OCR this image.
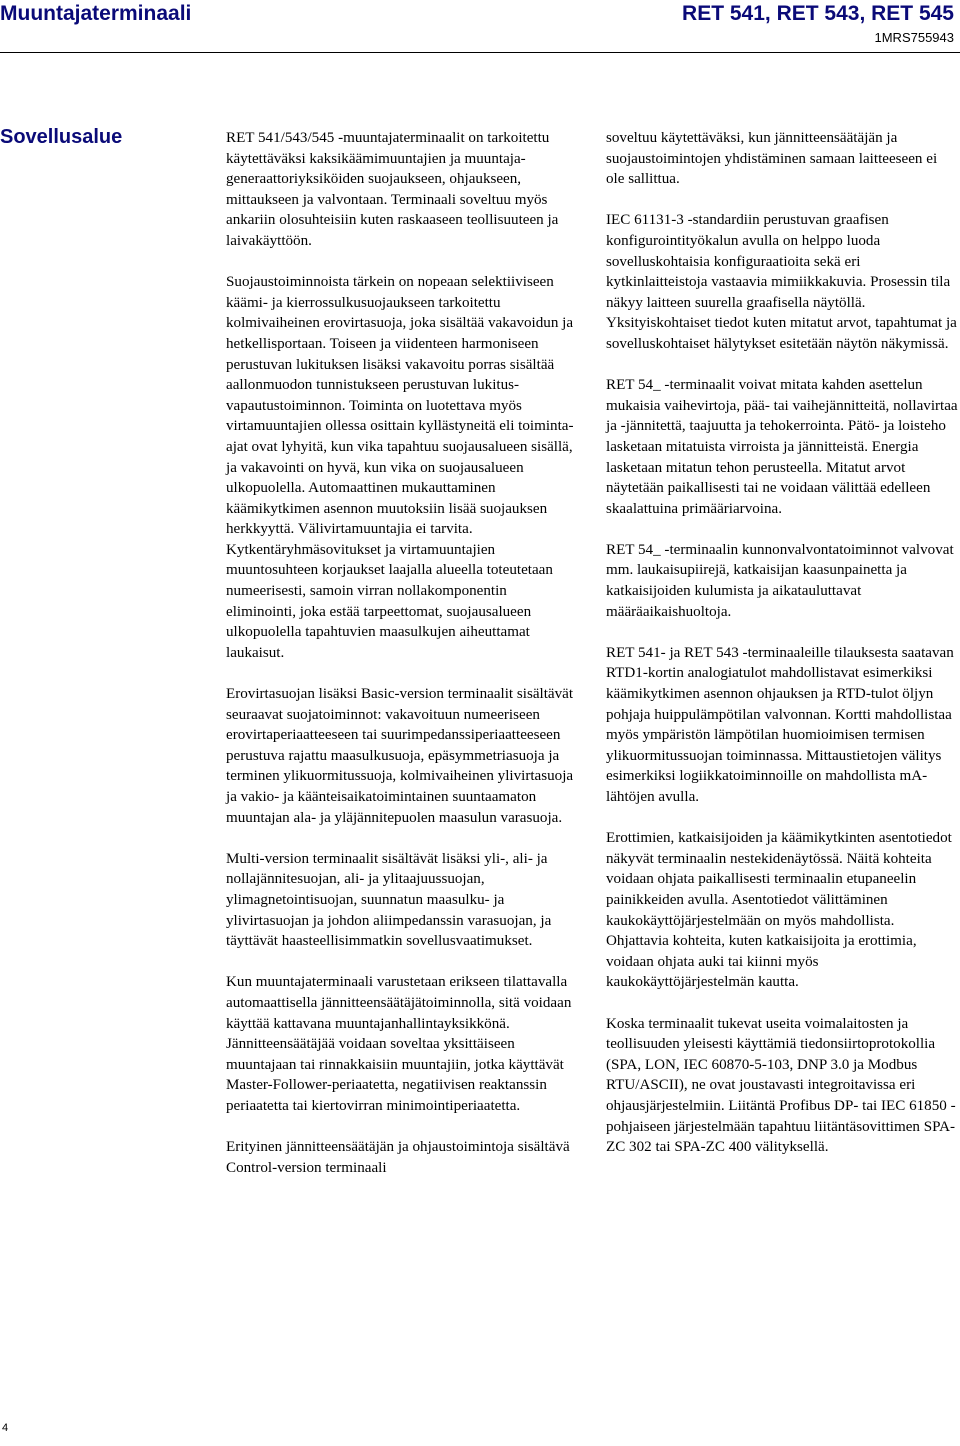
Muuntajaterminaali	RET 541, RET 543, RET 545
1MRS755943
Sovellusalue	RET 541/543/545 -muuntajaterminaalit on tarkoitettu käytettäväksi kaksikäämimuuntajien ja muuntaja-generaattoriyksiköiden suojaukseen, ohjaukseen, mittaukseen ja valvontaan. Terminaali soveltuu myös ankariin olosuhteisiin kuten raskaaseen teollisuuteen ja laivakäyttöön.

Suojaustoiminnoista tärkein on nopeaan selektiiviseen käämi- ja kierrossulkusuojaukseen tarkoitettu kolmivaiheinen erovirtasuoja, joka sisältää vakavoidun ja hetkellisportaan. Toiseen ja viidenteen harmoniseen perustuvan lukituksen lisäksi vakavoitu porras sisältää aallonmuodon tunnistukseen perustuvan lukitus-vapautustoiminnon. Toiminta on luotettava myös virtamuuntajien ollessa osittain kyllästyneitä eli toiminta-ajat ovat lyhyitä, kun vika tapahtuu suojausalueen sisällä, ja vakavointi on hyvä, kun vika on suojausalueen ulkopuolella. Automaattinen mukauttaminen käämikytkimen asennon muutoksiin lisää suojauksen herkkyyttä. Välivirtamuuntajia ei tarvita. Kytkentäryhmäsovitukset ja virtamuuntajien muuntosuhteen korjaukset laajalla alueella toteutetaan numeerisesti, samoin virran nollakomponentin eliminointi, joka estää tarpeettomat, suojausalueen ulkopuolella tapahtuvien maasulkujen aiheuttamat laukaisut.

Erovirtasuojan lisäksi Basic-version terminaalit sisältävät seuraavat suojatoiminnot: vakavoituun numeeriseen erovirtaperiaatteeseen tai suurimpedanssiperiaatteeseen perustuva rajattu maasulkusuoja, epäsymmetriasuoja ja terminen ylikuormitussuoja, kolmivaiheinen ylivirtasuoja ja vakio- ja käänteisaikatoimintainen suuntaamaton muuntajan ala- ja yläjännitepuolen maasulun varasuoja.

Multi-version terminaalit sisältävät lisäksi yli-, ali- ja nollajännitesuojan, ali- ja ylitaajuussuojan, ylimagnetointisuojan, suunnatun maasulku- ja ylivirtasuojan ja johdon aliimpedanssin varasuojan, ja täyttävät haasteellisimmatkin sovellusvaatimukset.

Kun muuntajaterminaali varustetaan erikseen tilattavalla automaattisella jännitteensäätäjätoiminnolla, sitä voidaan käyttää kattavana muuntajanhallintayksikkönä. Jännitteensäätäjää voidaan soveltaa yksittäiseen muuntajaan tai rinnakkaisiin muuntajiin, jotka käyttävät Master-Follower-periaatetta, negatiivisen reaktanssin periaatetta tai kiertovirran minimointiperiaatetta.

Erityinen jännitteensäätäjän ja ohjaustoimintoja sisältävä Control-version terminaali

soveltuu käytettäväksi, kun jännitteensäätäjän ja suojaustoimintojen yhdistäminen samaan laitteeseen ei ole sallittua.

IEC 61131-3 -standardiin perustuvan graafisen konfigurointityökalun avulla on helppo luoda sovelluskohtaisia konfiguraatioita sekä eri kytkinlaitteistoja vastaavia mimiikkakuvia. Prosessin tila näkyy laitteen suurella graafisella näytöllä. Yksityiskohtaiset tiedot kuten mitatut arvot, tapahtumat ja sovelluskohtaiset hälytykset esitetään näytön näkymissä.

RET 54_ -terminaalit voivat mitata kahden asettelun mukaisia vaihevirtoja, pää- tai vaihejännitteitä, nollavirtaa ja -jännitettä, taajuutta ja tehokerrointa. Pätö- ja loisteho lasketaan mitatuista virroista ja jännitteistä. Energia lasketaan mitatun tehon perusteella. Mitatut arvot näytetään paikallisesti tai ne voidaan välittää edelleen skaalattuina primääriarvoina.

RET 54_ -terminaalin kunnonvalvontatoiminnot valvovat mm. laukaisupiirejä, katkaisijan kaasunpainetta ja katkaisijoiden kulumista ja aikatauluttavat määräaikaishuoltoja.

RET 541- ja RET 543 -terminaaleille tilauksesta saatavan RTD1-kortin analogiatulot mahdollistavat esimerkiksi käämikytkimen asennon ohjauksen ja RTD-tulot öljyn pohjaja huippulämpötilan valvonnan. Kortti mahdollistaa myös ympäristön lämpötilan huomioimisen termisen ylikuormitussuojan toiminnassa. Mittaustietojen välitys esimerkiksi logiikkatoiminnoille on mahdollista mA-lähtöjen avulla.

Erottimien, katkaisijoiden ja käämikytkinten asentotiedot näkyvät terminaalin nestekidenäytössä. Näitä kohteita voidaan ohjata paikallisesti terminaalin etupaneelin painikkeiden avulla. Asentotiedot välittäminen kaukokäyttöjärjestelmään on myös mahdollista. Ohjattavia kohteita, kuten katkaisijoita ja erottimia, voidaan ohjata auki tai kiinni myös kaukokäyttöjärjestelmän kautta.

Koska terminaalit tukevat useita voimalaitosten ja teollisuuden yleisesti käyttämiä tiedonsiirtoprotokollia (SPA, LON, IEC 60870-5-103, DNP 3.0 ja Modbus RTU/ASCII), ne ovat joustavasti integroitavissa eri ohjausjärjestelmiin. Liitäntä Profibus DP- tai IEC 61850 -pohjaiseen järjestelmään tapahtuu liitäntäsovittimen SPA-ZC 302 tai SPA-ZC 400 välityksellä.

4
